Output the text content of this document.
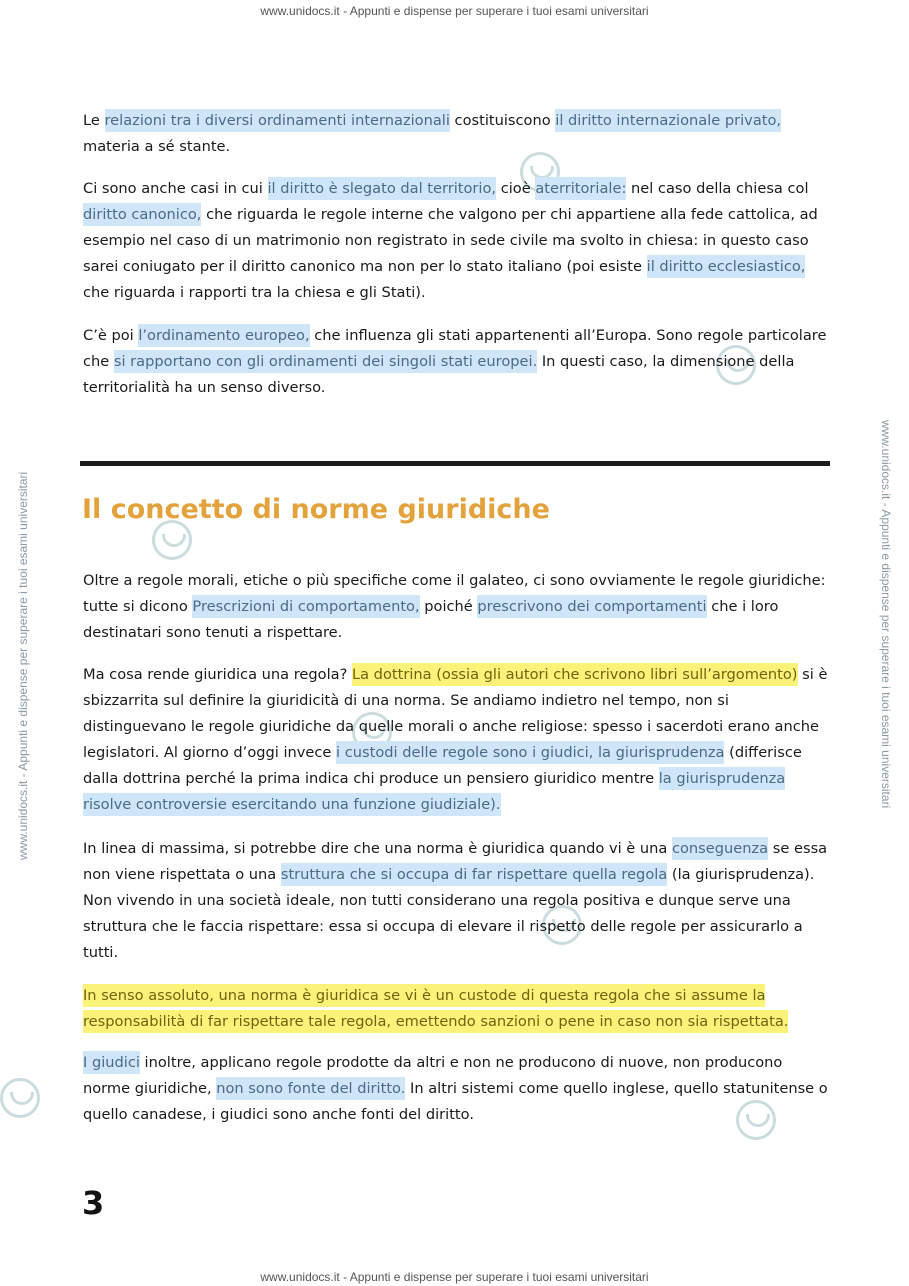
www.unidocs.it - Appunti e dispense per superare i tuoi esami universitari
www.unidocs.it - Appunti e dispense per superare i tuoi esami universitari	www.unidocs.it - Appunti e dispense per superare i tuoi esami universitari

Le relazioni tra i diversi ordinamenti internazionali costituiscono il diritto internazionale privato, materia a sé stante.

Ci sono anche casi in cui il diritto è slegato dal territorio, cioè aterritoriale: nel caso della chiesa col diritto canonico, che riguarda le regole interne che valgono per chi appartiene alla fede cattolica, ad esempio nel caso di un matrimonio non registrato in sede civile ma svolto in chiesa: in questo caso sarei coniugato per il diritto canonico ma non per lo stato italiano (poi esiste il diritto ecclesiastico, che riguarda i rapporti tra la chiesa e gli Stati).

C’è poi l’ordinamento europeo, che influenza gli stati appartenenti all’Europa. Sono regole particolare che si rapportano con gli ordinamenti dei singoli stati europei. In questi caso, la dimensione della territorialità ha un senso diverso.

Il concetto di norme giuridiche

Oltre a regole morali, etiche o più specifiche come il galateo, ci sono ovviamente le regole giuridiche: tutte si dicono Prescrizioni di comportamento, poiché prescrivono dei comportamenti che i loro destinatari sono tenuti a rispettare.

Ma cosa rende giuridica una regola? La dottrina (ossia gli autori che scrivono libri sull’argomento) si è sbizzarrita sul definire la giuridicità di una norma. Se andiamo indietro nel tempo, non si distinguevano le regole giuridiche da quelle morali o anche religiose: spesso i sacerdoti erano anche legislatori. Al giorno d’oggi invece i custodi delle regole sono i giudici, la giurisprudenza (differisce dalla dottrina perché la prima indica chi produce un pensiero giuridico mentre la giurisprudenza risolve controversie esercitando una funzione giudiziale).

In linea di massima, si potrebbe dire che una norma è giuridica quando vi è una conseguenza se essa non viene rispettata o una struttura che si occupa di far rispettare quella regola (la giurisprudenza). Non vivendo in una società ideale, non tutti considerano una regola positiva e dunque serve una struttura che le faccia rispettare: essa si occupa di elevare il rispetto delle regole per assicurarlo a tutti.

In senso assoluto, una norma è giuridica se vi è un custode di questa regola che si assume la responsabilità di far rispettare tale regola, emettendo sanzioni o pene in caso non sia rispettata.

I giudici inoltre, applicano regole prodotte da altri e non ne producono di nuove, non producono norme giuridiche, non sono fonte del diritto. In altri sistemi come quello inglese, quello statunitense o quello canadese, i giudici sono anche fonti del diritto.

3
www.unidocs.it - Appunti e dispense per superare i tuoi esami universitari
